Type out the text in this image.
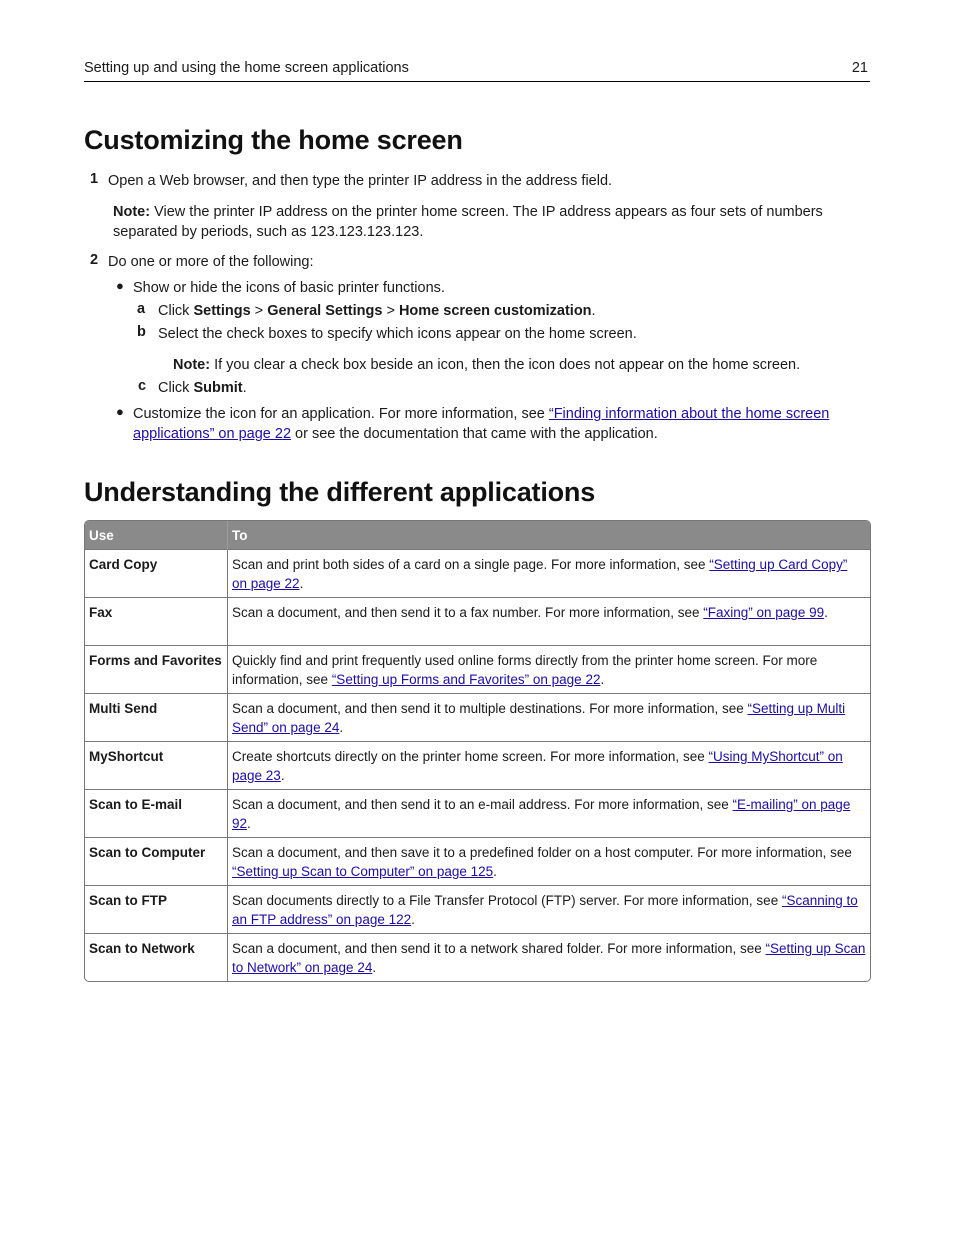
Setting up and using the home screen applications	21
Customizing the home screen
1 Open a Web browser, and then type the printer IP address in the address field.
Note: View the printer IP address on the printer home screen. The IP address appears as four sets of numbers
separated by periods, such as 123.123.123.123.
2 Do one or more of the following:
● Show or hide the icons of basic printer functions.
a Click Settings > General Settings > Home screen customization.
b Select the check boxes to specify which icons appear on the home screen.
Note: If you clear a check box beside an icon, then the icon does not appear on the home screen.
c Click Submit.
● Customize the icon for an application. For more information, see “Finding information about the home screen
applications” on page 22 or see the documentation that came with the application.
Understanding the different applications
Use	To
Card Copy	Scan and print both sides of a card on a single page. For more information, see “Setting up Card Copy” on page 22.
Fax	Scan a document, and then send it to a fax number. For more information, see “Faxing” on page 99.
Forms and Favorites	Quickly find and print frequently used online forms directly from the printer home screen. For more information, see “Setting up Forms and Favorites” on page 22.
Multi Send	Scan a document, and then send it to multiple destinations. For more information, see “Setting up Multi Send” on page 24.
MyShortcut	Create shortcuts directly on the printer home screen. For more information, see “Using MyShortcut” on page 23.
Scan to E-mail	Scan a document, and then send it to an e-mail address. For more information, see “E-mailing” on page 92.
Scan to Computer	Scan a document, and then save it to a predefined folder on a host computer. For more information, see “Setting up Scan to Computer” on page 125.
Scan to FTP	Scan documents directly to a File Transfer Protocol (FTP) server. For more information, see “Scanning to an FTP address” on page 122.
Scan to Network	Scan a document, and then send it to a network shared folder. For more information, see “Setting up Scan to Network” on page 24.
